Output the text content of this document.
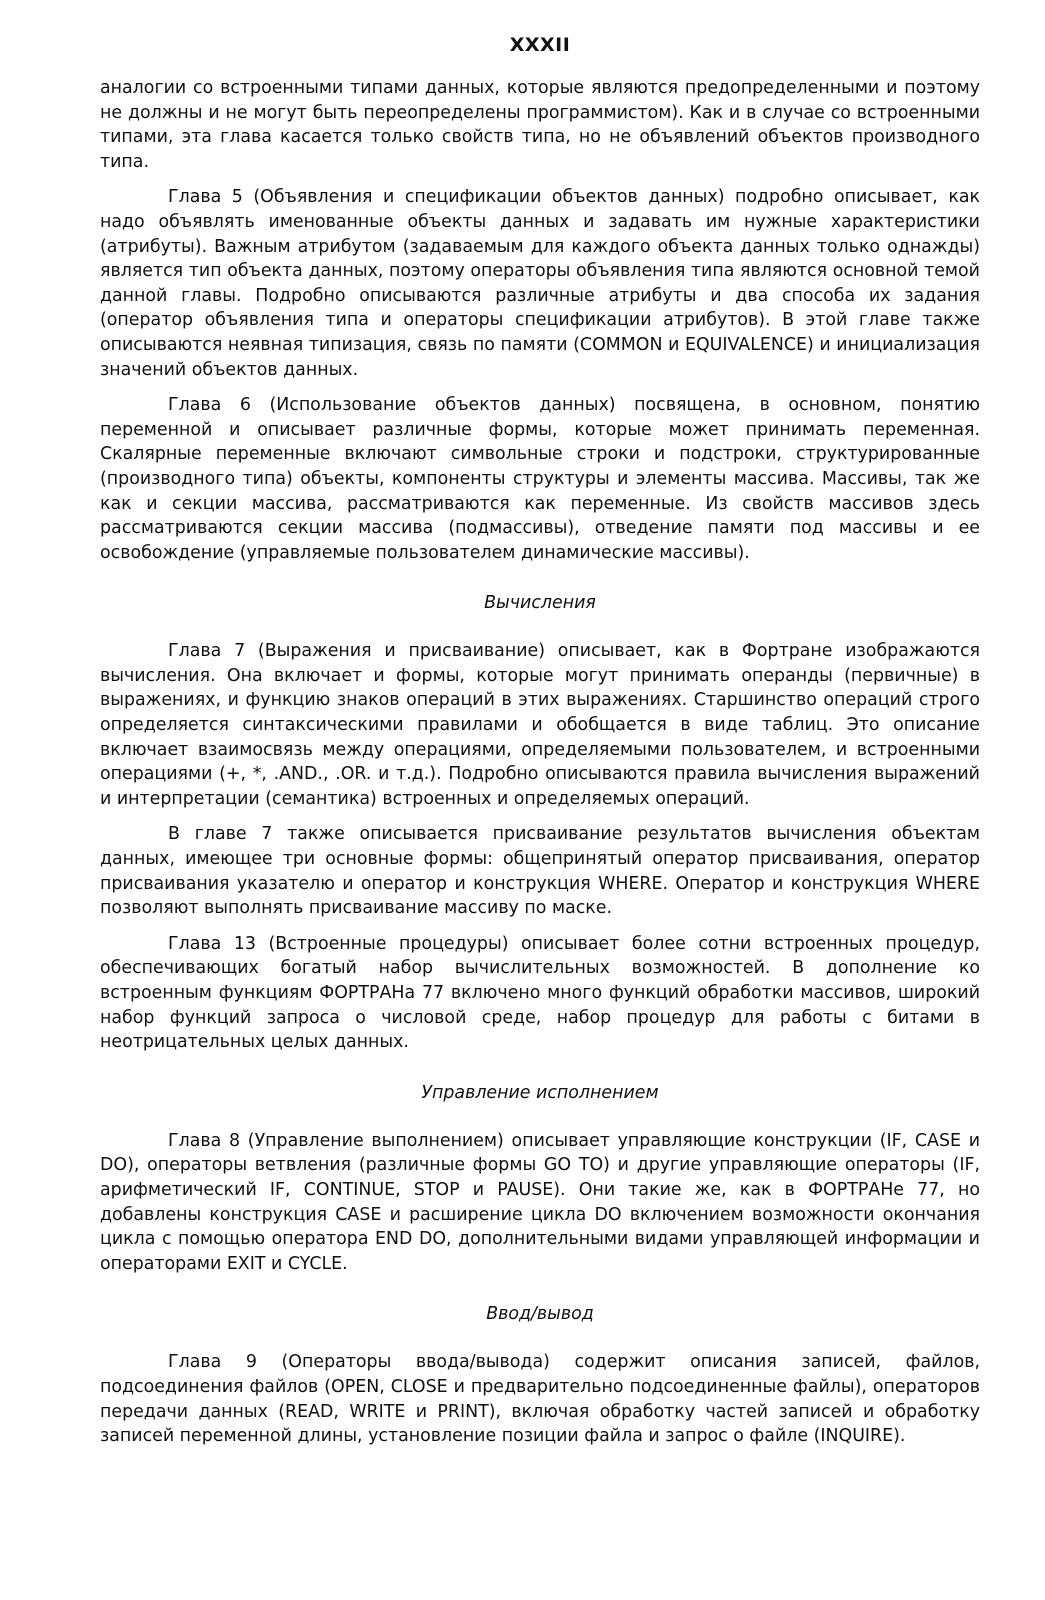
XXXII

аналогии со встроенными типами данных, которые являются предопределенными и поэтому не должны и не могут быть переопределены программистом). Как и в случае со встроенными типами, эта глава касается только свойств типа, но не объявлений объектов производного типа.

Глава 5 (Объявления и спецификации объектов данных) подробно описывает, как надо объявлять именованные объекты данных и задавать им нужные характеристики (атрибуты). Важным атрибутом (задаваемым для каждого объекта данных только однажды) является тип объекта данных, поэтому операторы объявления типа являются основной темой данной главы. Подробно описываются различные атрибуты и два способа их задания (оператор объявления типа и операторы спецификации атрибутов). В этой главе также описываются неявная типизация, связь по памяти (COMMON и EQUIVALENCE) и инициализация значений объектов данных.

Глава 6 (Использование объектов данных) посвящена, в основном, понятию переменной и описывает различные формы, которые может принимать переменная. Скалярные переменные включают символьные строки и подстроки, структурированные (производного типа) объекты, компоненты структуры и элементы массива. Массивы, так же как и секции массива, рассматриваются как переменные. Из свойств массивов здесь рассматриваются секции массива (подмассивы), отведение памяти под массивы и ее освобождение (управляемые пользователем динамические массивы).

Вычисления

Глава 7 (Выражения и присваивание) описывает, как в Фортране изображаются вычисления. Она включает и формы, которые могут принимать операнды (первичные) в выражениях, и функцию знаков операций в этих выражениях. Старшинство операций строго определяется синтаксическими правилами и обобщается в виде таблиц. Это описание включает взаимосвязь между операциями, определяемыми пользователем, и встроенными операциями (+, *, .AND., .OR. и т.д.). Подробно описываются правила вычисления выражений и интерпретации (семантика) встроенных и определяемых операций.

В главе 7 также описывается присваивание результатов вычисления объектам данных, имеющее три основные формы: общепринятый оператор присваивания, оператор присваивания указателю и оператор и конструкция WHERE. Оператор и конструкция WHERE позволяют выполнять присваивание массиву по маске.

Глава 13 (Встроенные процедуры) описывает более сотни встроенных процедур, обеспечивающих богатый набор вычислительных возможностей. В дополнение ко встроенным функциям ФОРТРАНа 77 включено много функций обработки массивов, широкий набор функций запроса о числовой среде, набор процедур для работы с битами в неотрицательных целых данных.

Управление исполнением

Глава 8 (Управление выполнением) описывает управляющие конструкции (IF, CASE и DO), операторы ветвления (различные формы GO TO) и другие управляющие операторы (IF, арифметический IF, CONTINUE, STOP и PAUSE). Они такие же, как в ФОРТРАНе 77, но добавлены конструкция CASE и расширение цикла DO включением возможности окончания цикла с помощью оператора END DO, дополнительными видами управляющей информации и операторами EXIT и CYCLE.

Ввод/вывод

Глава 9 (Операторы ввода/вывода) содержит описания записей, файлов, подсоединения файлов (OPEN, CLOSE и предварительно подсоединенные файлы), операторов передачи данных (READ, WRITE и PRINT), включая обработку частей записей и обработку записей переменной длины, установление позиции файла и запрос о файле (INQUIRE).
